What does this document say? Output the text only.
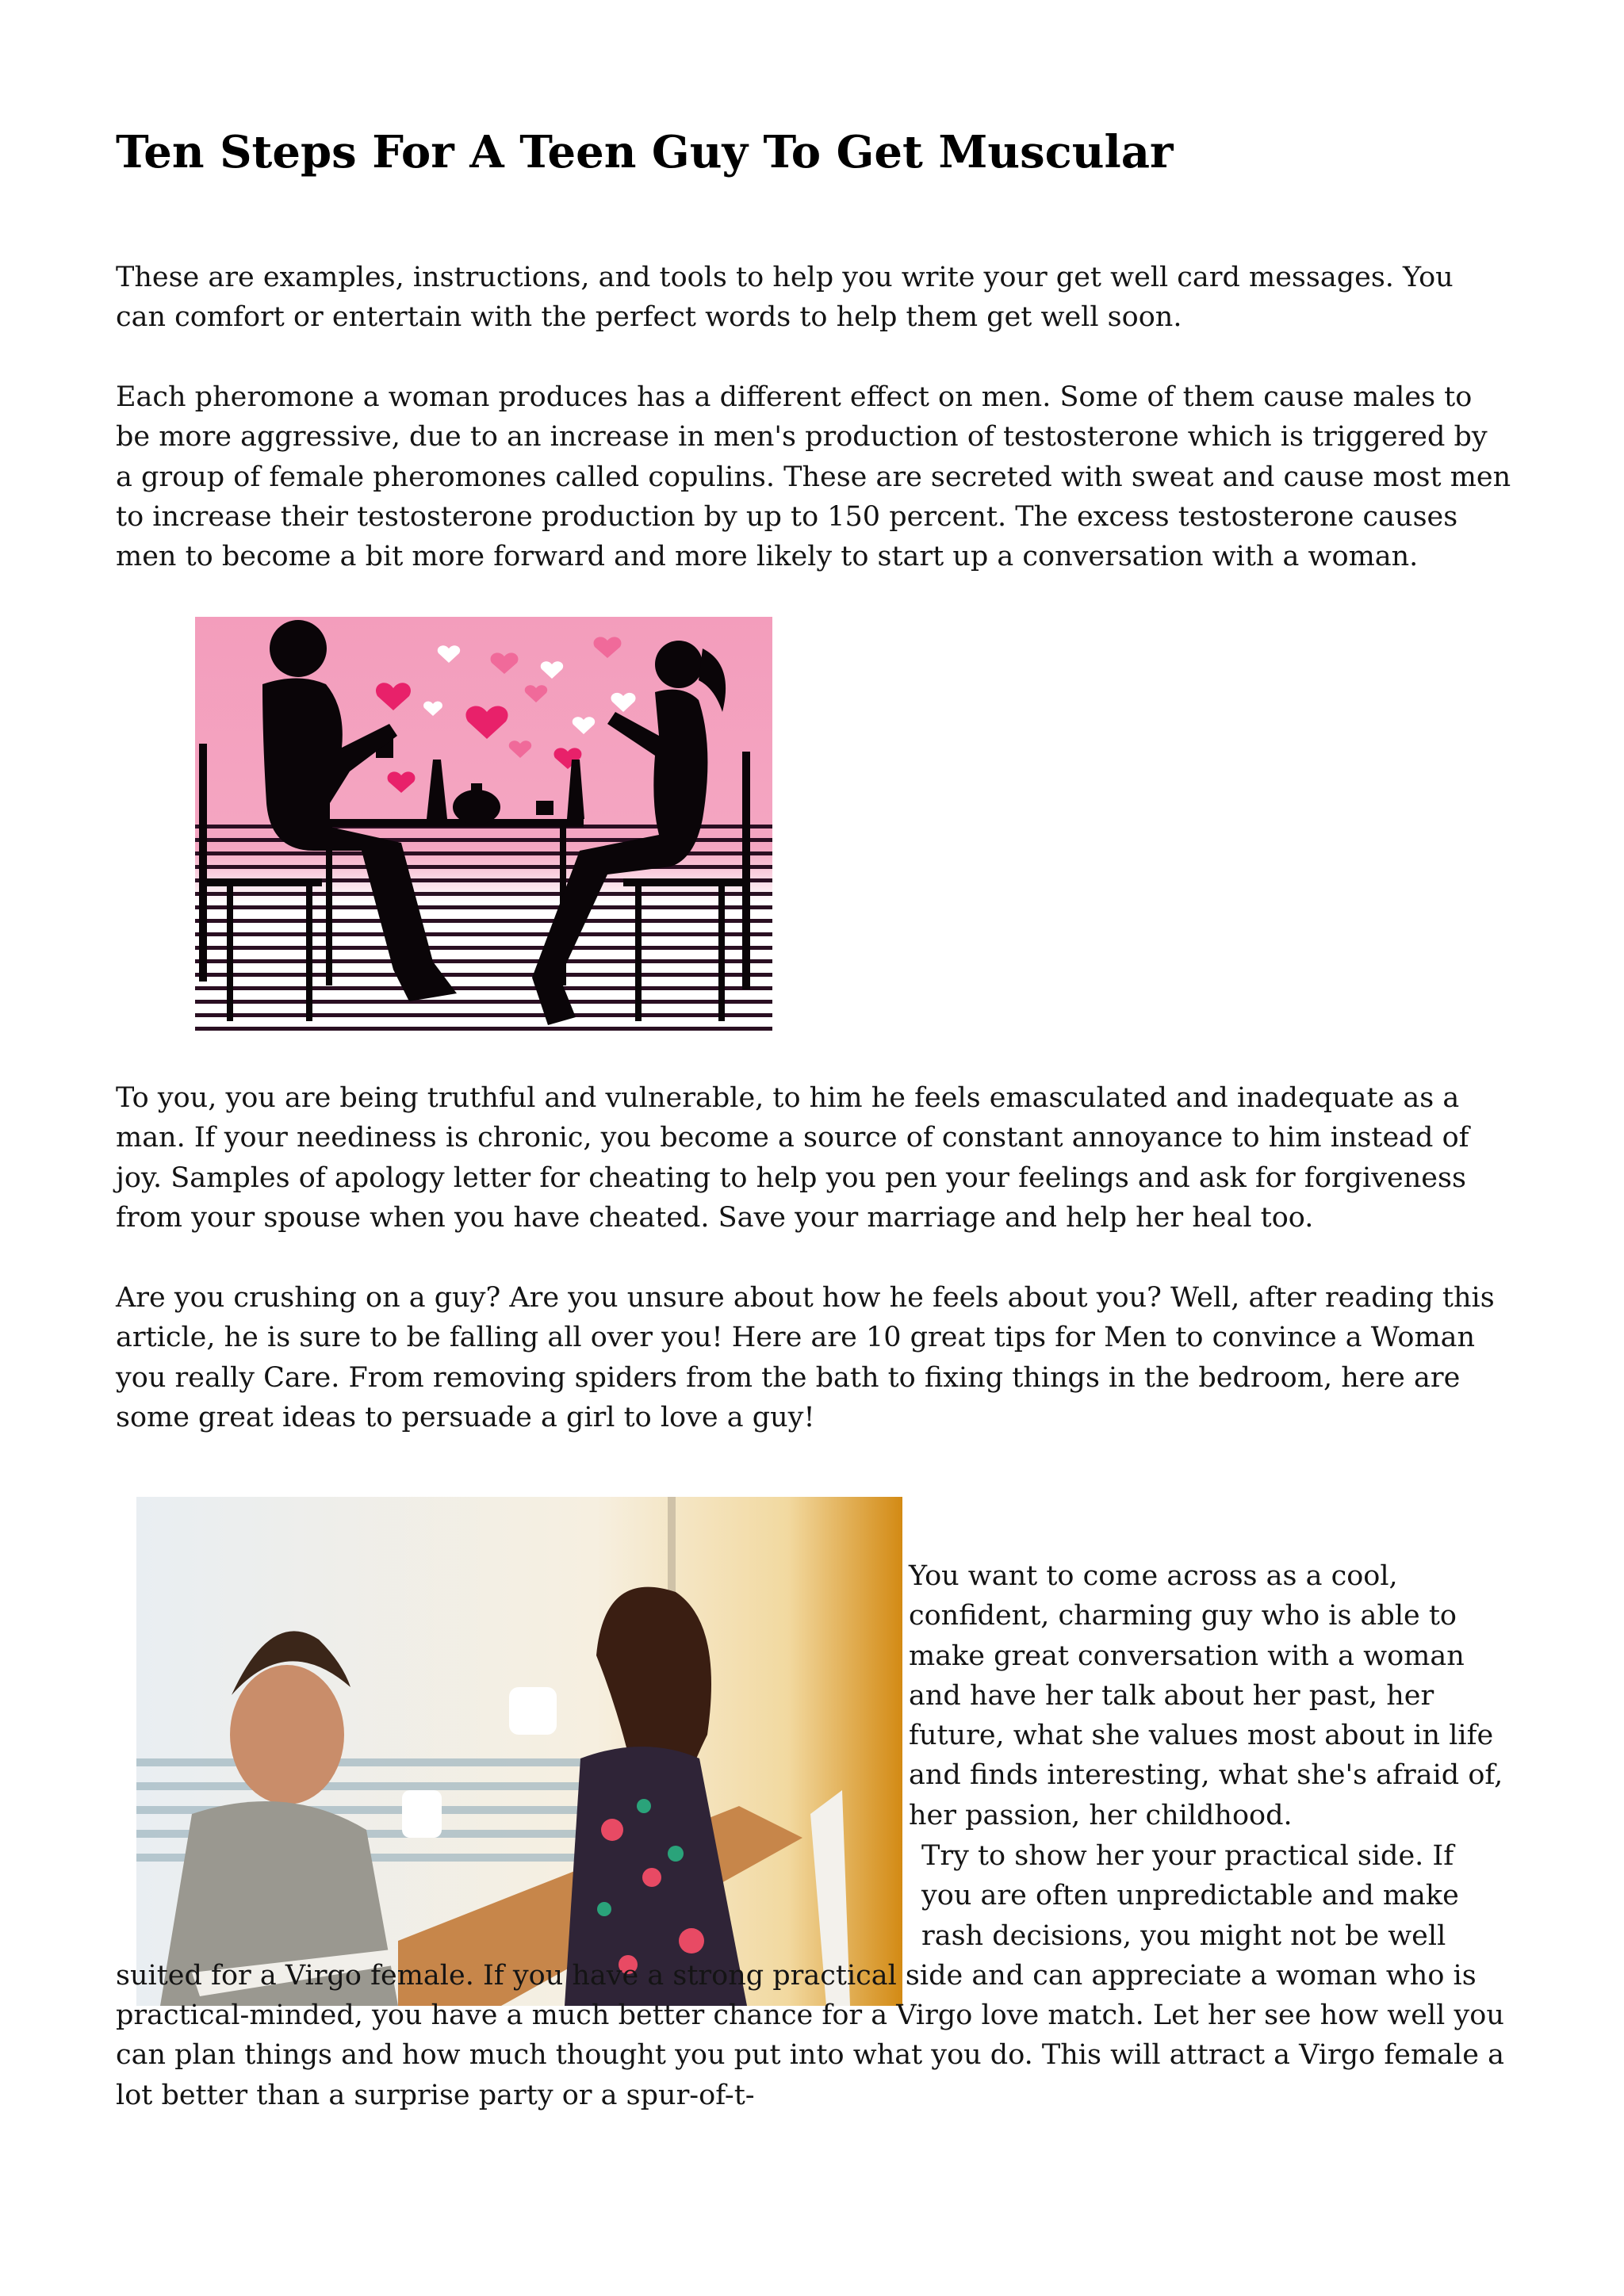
Ten Steps For A Teen Guy To Get Muscular

These are examples, instructions, and tools to help you write your get well card messages. You can comfort or entertain with the perfect words to help them get well soon.

Each pheromone a woman produces has a different effect on men. Some of them cause males to be more aggressive, due to an increase in men's production of testosterone which is triggered by a group of female pheromones called copulins. These are secreted with sweat and cause most men to increase their testosterone production by up to 150 percent. The excess testosterone causes men to become a bit more forward and more likely to start up a conversation with a woman.

To you, you are being truthful and vulnerable, to him he feels emasculated and inadequate as a man. If your neediness is chronic, you become a source of constant annoyance to him instead of joy. Samples of apology letter for cheating to help you pen your feelings and ask for forgiveness from your spouse when you have cheated. Save your marriage and help her heal too.

Are you crushing on a guy? Are you unsure about how he feels about you? Well, after reading this article, he is sure to be falling all over you! Here are 10 great tips for Men to convince a Woman you really Care. From removing spiders from the bath to fixing things in the bedroom, here are some great ideas to persuade a girl to love a guy!

You want to come across as a cool, confident, charming guy who is able to make great conversation with a woman and have her talk about her past, her future, what she values most about in life and finds interesting, what she's afraid of, her passion, her childhood.

Try to show her your practical side. If you are often unpredictable and make rash decisions, you might not be well suited for a Virgo female. If you have a strong practical side and can appreciate a woman who is practical-minded, you have a much better chance for a Virgo love match. Let her see how well you can plan things and how much thought you put into what you do. This will attract a Virgo female a lot better than a surprise party or a spur-of-t-
